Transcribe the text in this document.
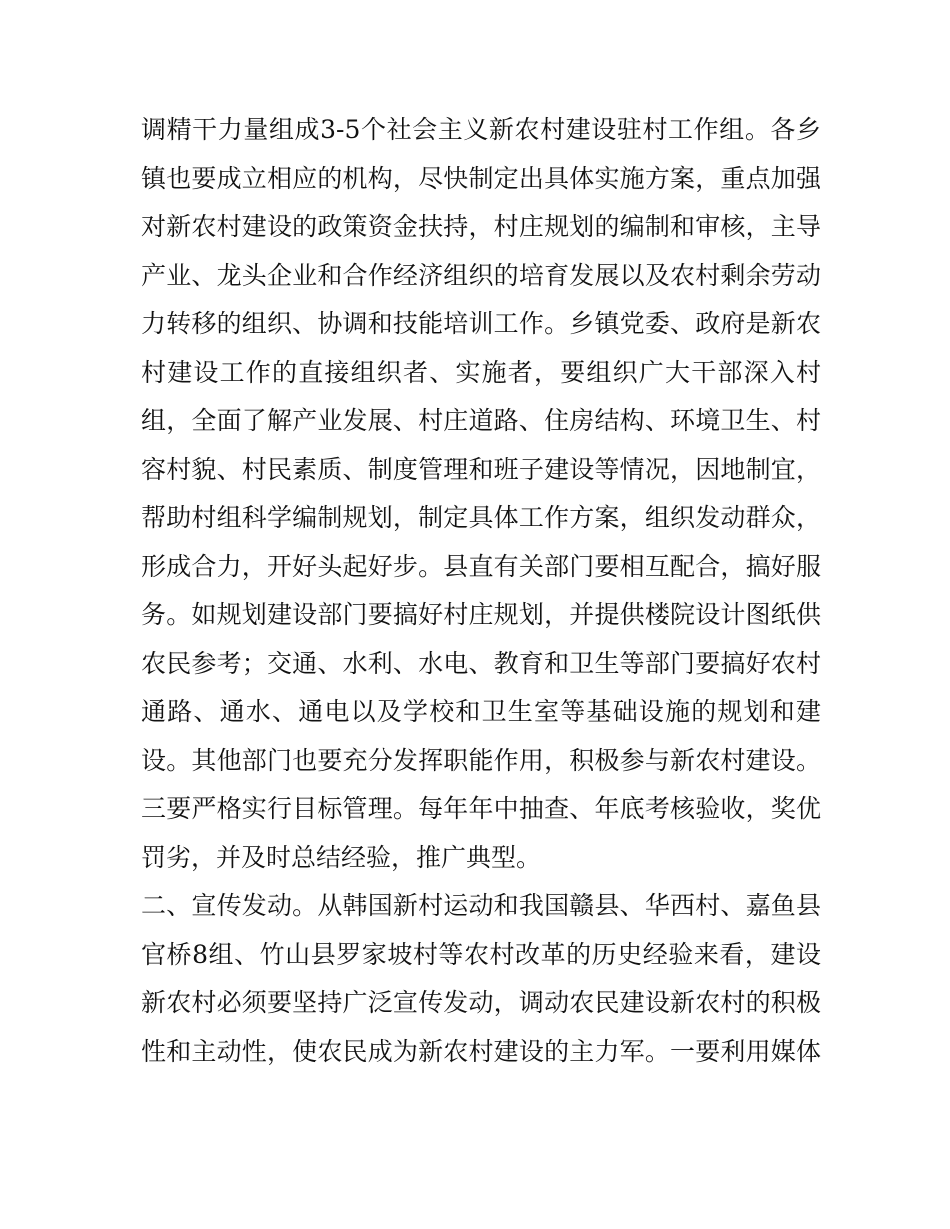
调精干力量组成3-5个社会主义新农村建设驻村工作组。各乡
镇也要成立相应的机构，尽快制定出具体实施方案，重点加强
对新农村建设的政策资金扶持，村庄规划的编制和审核，主导
产业、龙头企业和合作经济组织的培育发展以及农村剩余劳动
力转移的组织、协调和技能培训工作。乡镇党委、政府是新农
村建设工作的直接组织者、实施者，要组织广大干部深入村
组，全面了解产业发展、村庄道路、住房结构、环境卫生、村
容村貌、村民素质、制度管理和班子建设等情况，因地制宜，
帮助村组科学编制规划，制定具体工作方案，组织发动群众，
形成合力，开好头起好步。县直有关部门要相互配合，搞好服
务。如规划建设部门要搞好村庄规划，并提供楼院设计图纸供
农民参考；交通、水利、水电、教育和卫生等部门要搞好农村
通路、通水、通电以及学校和卫生室等基础设施的规划和建
设。其他部门也要充分发挥职能作用，积极参与新农村建设。
三要严格实行目标管理。每年年中抽查、年底考核验收，奖优
罚劣，并及时总结经验，推广典型。
二、宣传发动。从韩国新村运动和我国赣县、华西村、嘉鱼县
官桥8组、竹山县罗家坡村等农村改革的历史经验来看，建设
新农村必须要坚持广泛宣传发动，调动农民建设新农村的积极
性和主动性，使农民成为新农村建设的主力军。一要利用媒体
